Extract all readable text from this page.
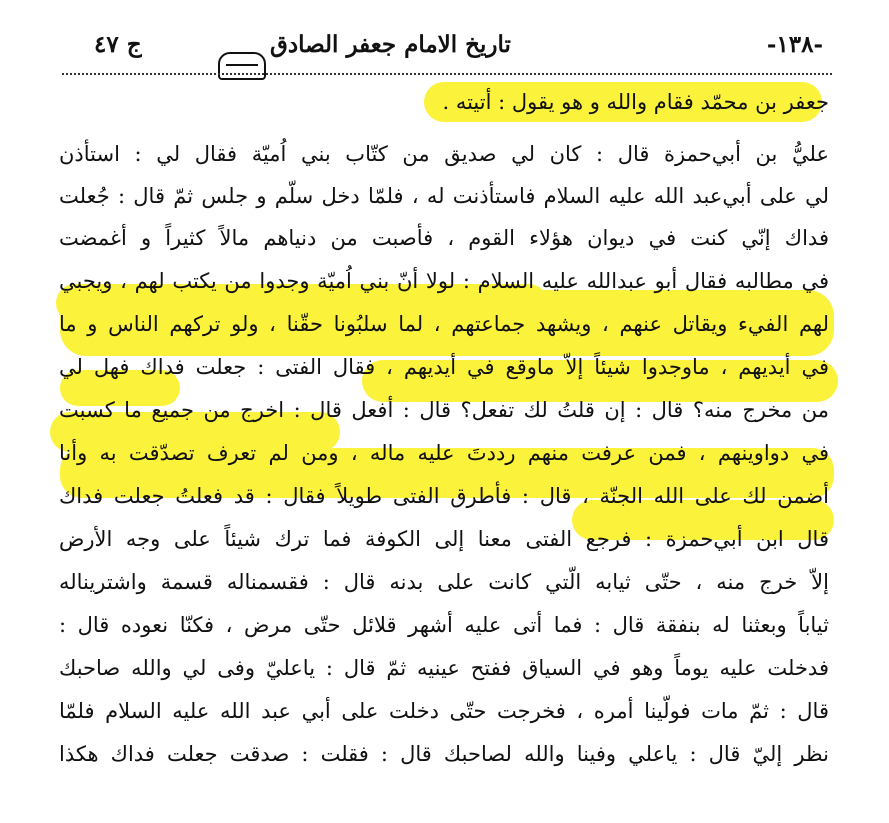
-١٣٨-
تاريخ الامام جعفر الصادق
ج ٤٧
جعفر بن محمّد فقام والله و هو يقول : أتيته .
عليُّ بن أبي‌حمزة قال : كان لي صديق من كتّاب بني اُميّة فقال لي : استأذن
لي على أبي‌عبد الله عليه السلام فاستأذنت له ، فلمّا دخل سلّم و جلس ثمّ قال : جُعلت
فداك إنّي كنت في ديوان هؤلاء القوم ، فأصبت من دنياهم مالاً كثيراً و أغمضت
في مطالبه فقال أبو عبدالله عليه السلام : لولا أنّ بني اُميّة وجدوا من يكتب لهم ، ويجبي
لهم الفيء ويقاتل عنهم ، ويشهد جماعتهم ، لما سلبُونا حقّنا ، ولو تركهم الناس و ما
في أيديهم ، ماوجدوا شيئاً إلاّ ماوقع في أيديهم ، فقال الفتى : جعلت فداك فهل لي
من مخرج منه؟ قال : إن قلتُ لك تفعل؟ قال : أفعل قال : اخرج من جميع ما كسبت
في دواوينهم ، فمن عرفت منهم رددتَ عليه ماله ، ومن لم تعرف تصدّقت به وأنا
أضمن لك على الله الجنّة ، قال : فأطرق الفتى طويلاً فقال : قد فعلتُ جعلت فداك
قال ابن أبي‌حمزة : فرجع الفتى معنا إلى الكوفة فما ترك شيئاً على وجه الأرض
إلاّ خرج منه ، حتّى ثيابه الّتي كانت على بدنه قال : فقسمناله قسمة واشتريناله
ثياباً وبعثنا له بنفقة قال : فما أتى عليه أشهر قلائل حتّى مرض ، فكنّا نعوده قال :
فدخلت عليه يوماً وهو في السياق ففتح عينيه ثمّ قال : ياعليّ وفى لي والله صاحبك
قال : ثمّ مات فولّينا أمره ، فخرجت حتّى دخلت على أبي عبد الله عليه السلام فلمّا
نظر إليّ قال : ياعلي وفينا والله لصاحبك قال : فقلت : صدقت جعلت فداك هكذا
